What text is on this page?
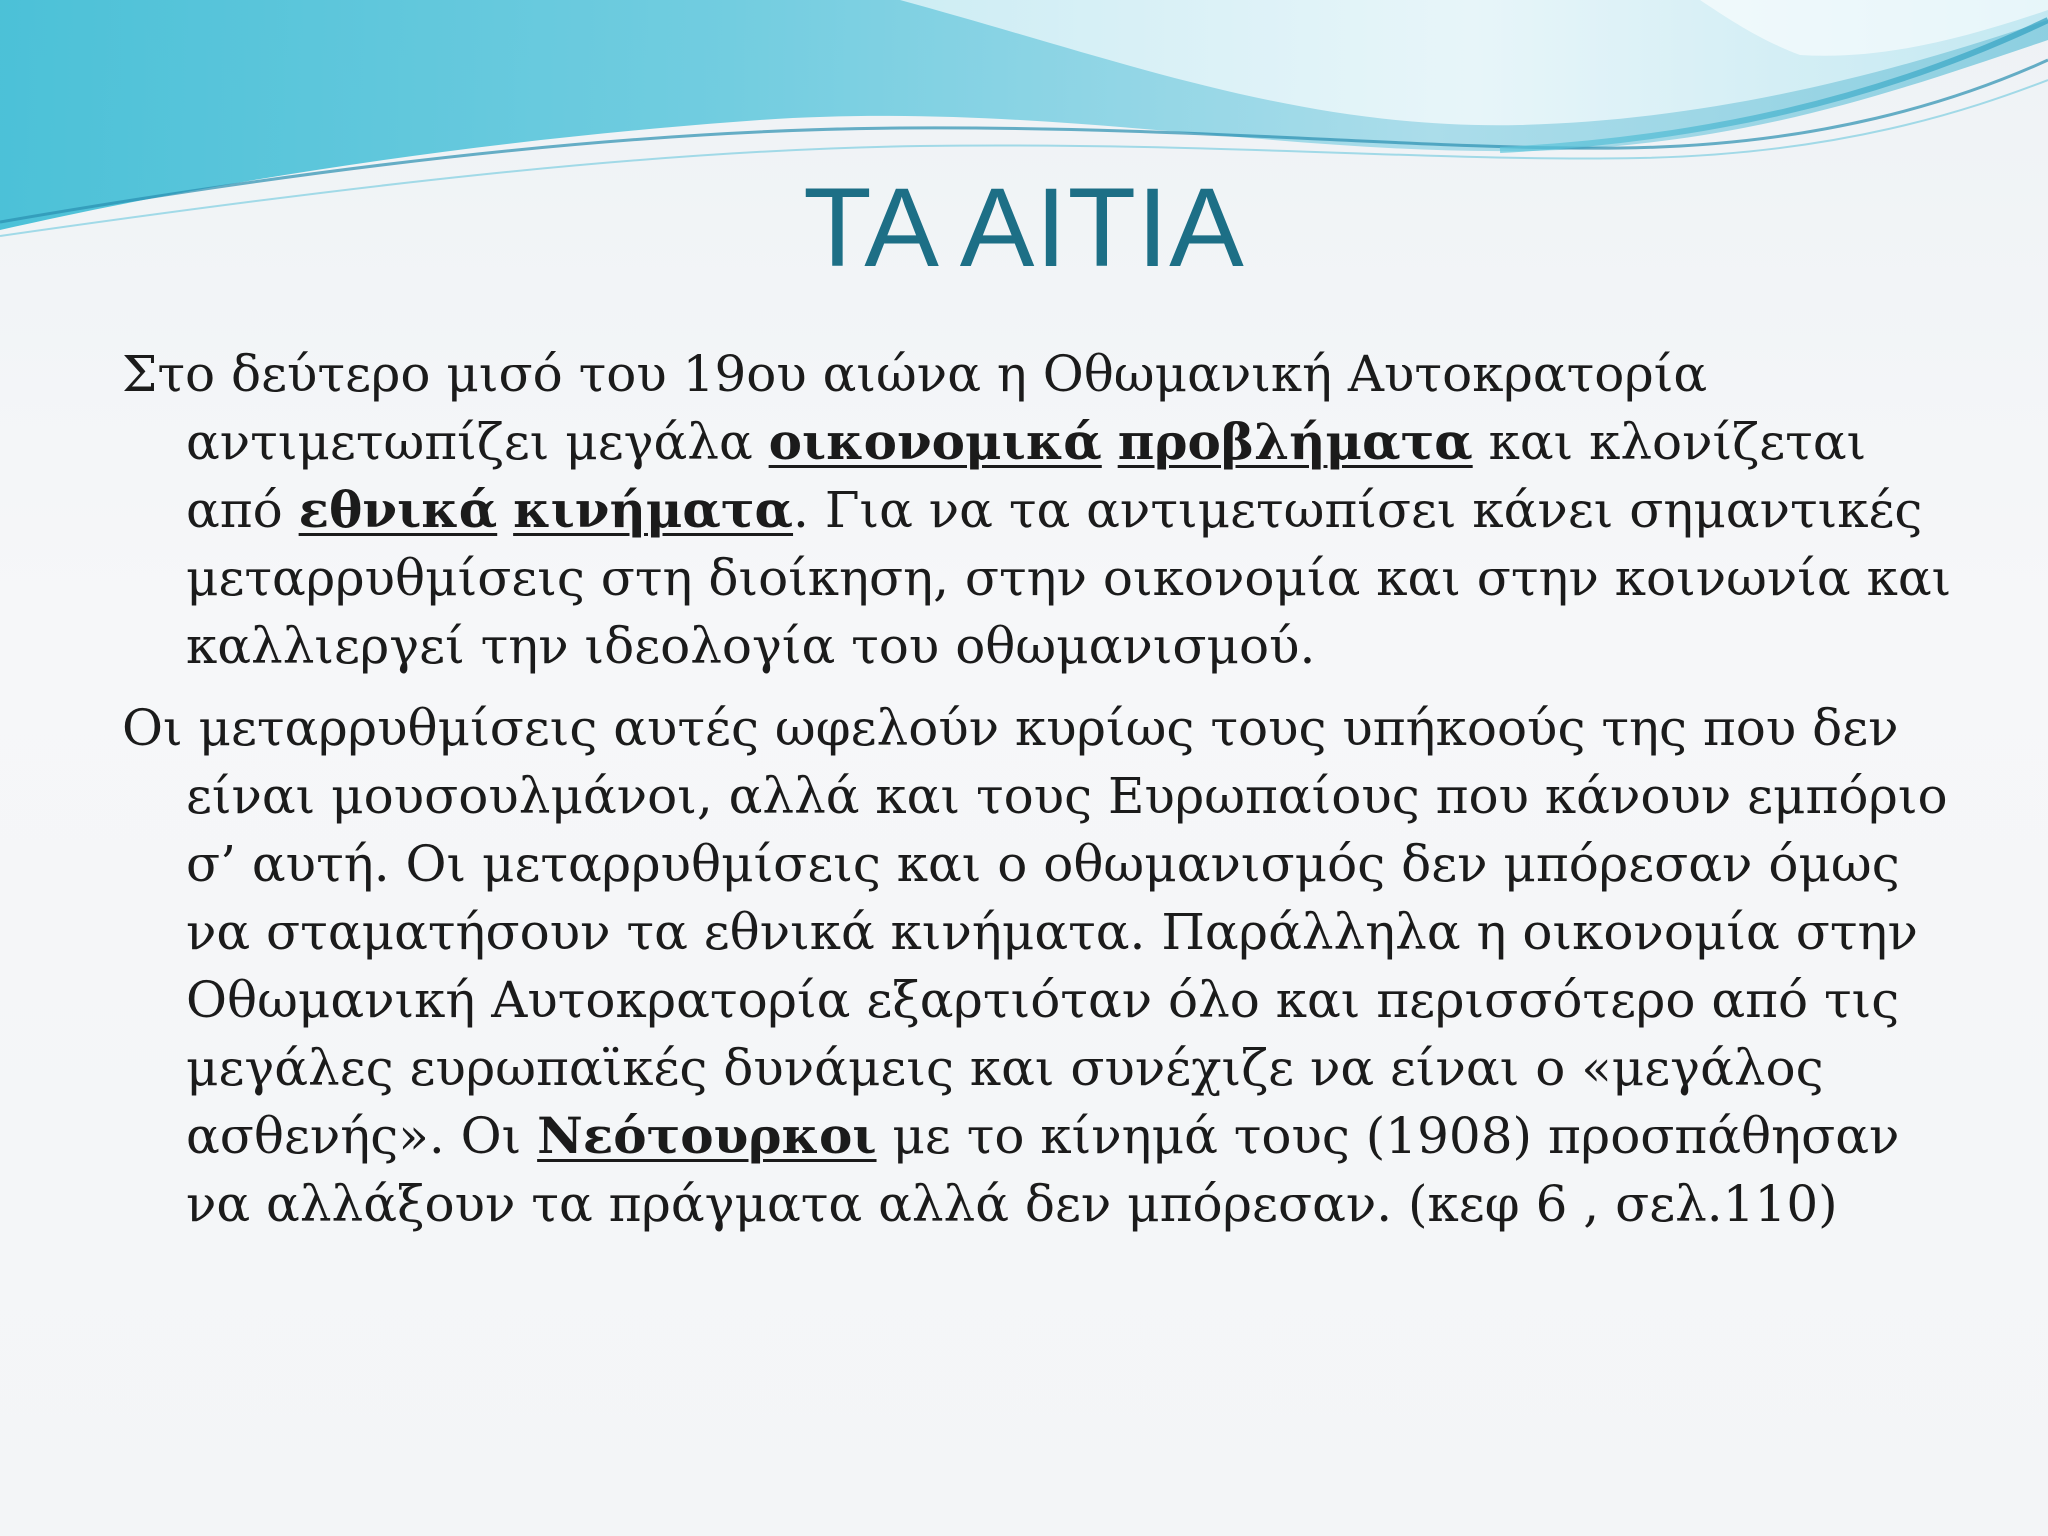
ΤΑ ΑΙΤΙΑ

Στο δεύτερο μισό του 19ου αιώνα η Οθωμανική Αυτοκρατορία αντιμετωπίζει μεγάλα οικονομικά προβλήματα και κλονίζεται από εθνικά κινήματα. Για να τα αντιμετωπίσει κάνει σημαντικές μεταρρυθμίσεις στη διοίκηση, στην οικονομία και στην κοινωνία και καλλιεργεί την ιδεολογία του οθωμανισμού.

Οι μεταρρυθμίσεις αυτές ωφελούν κυρίως τους υπήκοούς της που δεν είναι μουσουλμάνοι, αλλά και τους Ευρωπαίους που κάνουν εμπόριο σ’ αυτή. Οι μεταρρυθμίσεις και ο οθωμανισμός δεν μπόρεσαν όμως να σταματήσουν τα εθνικά κινήματα. Παράλληλα η οικονομία στην Οθωμανική Αυτοκρατορία εξαρτιόταν όλο και περισσότερο από τις μεγάλες ευρωπαϊκές δυνάμεις και συνέχιζε να είναι ο «μεγάλος ασθενής». Οι Νεότουρκοι με το κίνημά τους (1908) προσπάθησαν να αλλάξουν τα πράγματα αλλά δεν μπόρεσαν. (κεφ 6 , σελ.110)
